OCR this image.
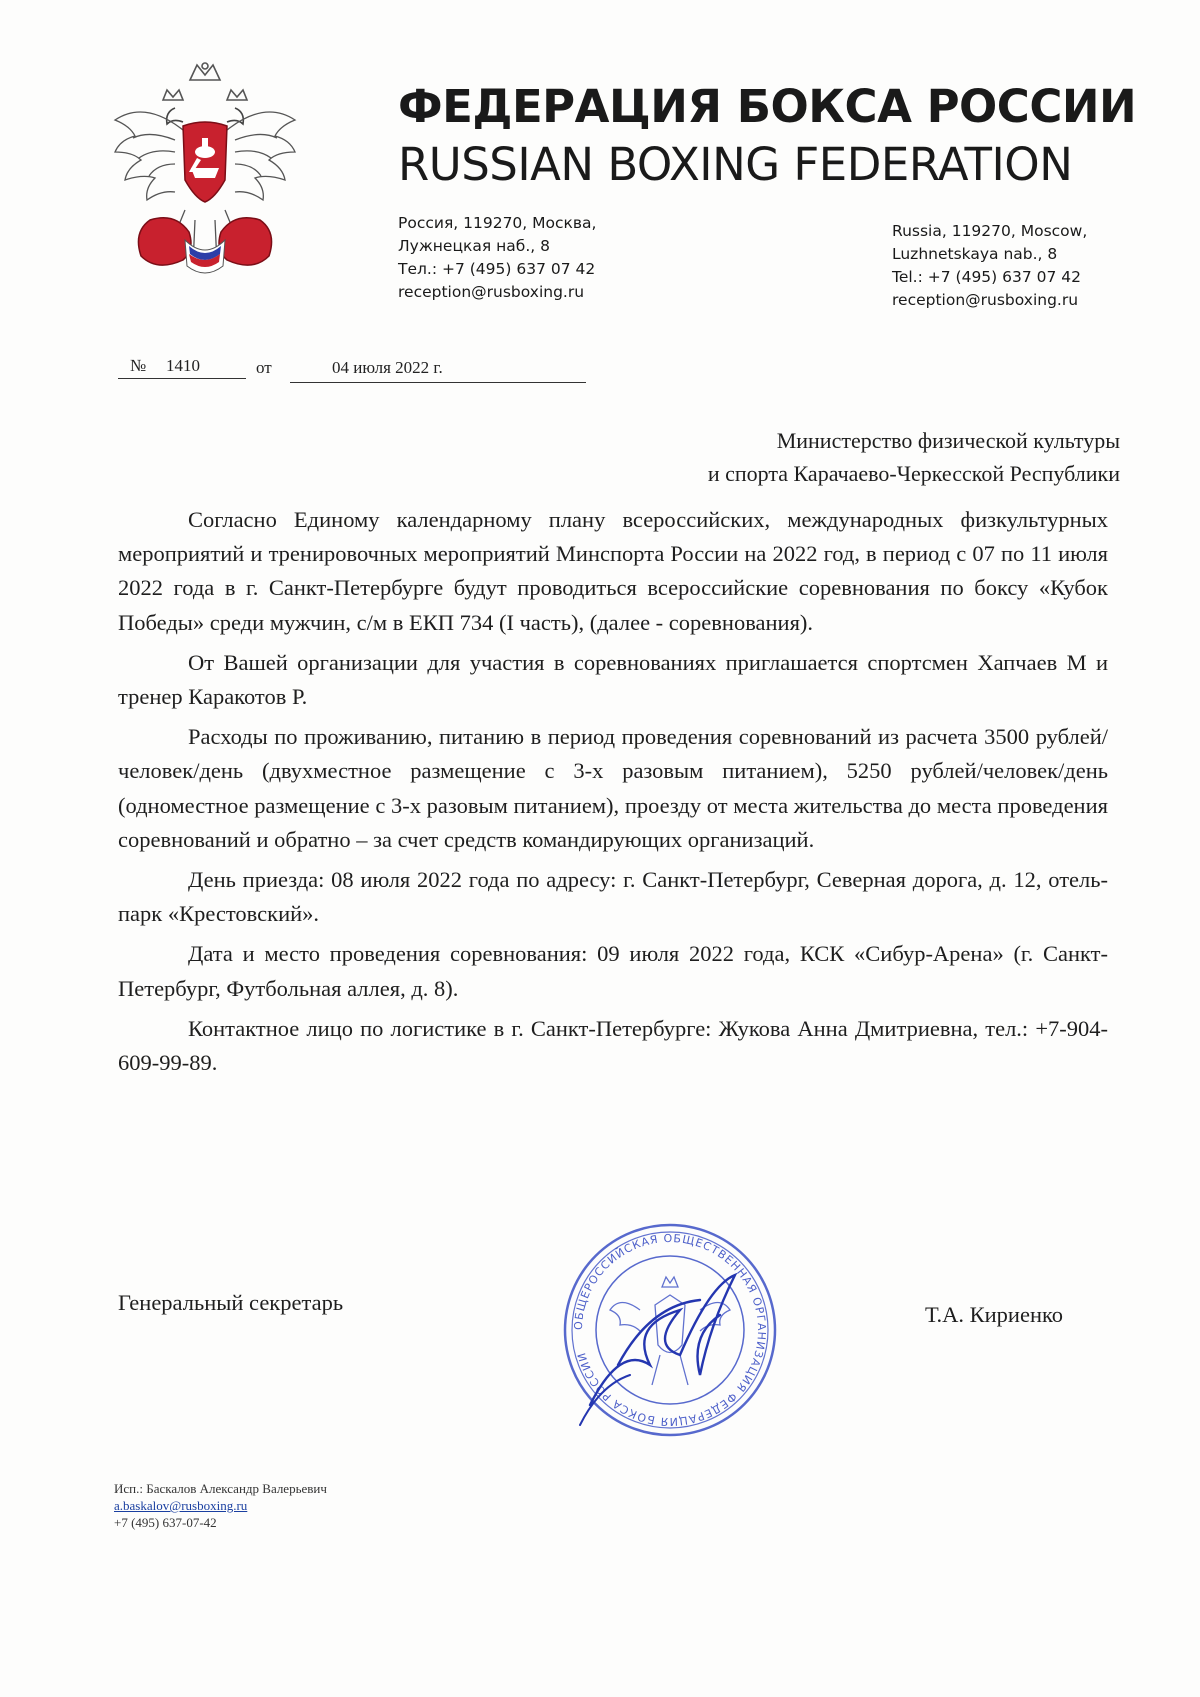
ФЕДЕРАЦИЯ БОКСА РОССИИ
RUSSIAN BOXING FEDERATION
Россия, 119270, Москва,
Лужнецкая наб., 8
Тел.: +7 (495) 637 07 42
reception@rusboxing.ru
Russia, 119270, Moscow,
Luzhnetskaya nab., 8
Tel.: +7 (495) 637 07 42
reception@rusboxing.ru
№ 1410	от	04 июля 2022 г.
Министерство физической культуры
и спорта Карачаево-Черкесской Республики

Согласно Единому календарному плану всероссийских, международных физкультурных мероприятий и тренировочных мероприятий Минспорта России на 2022 год, в период с 07 по 11 июля 2022 года в г. Санкт-Петербурге будут проводиться всероссийские соревнования по боксу «Кубок Победы» среди мужчин, с/м в ЕКП 734 (I часть), (далее - соревнования).

От Вашей организации для участия в соревнованиях приглашается спортсмен Хапчаев М и тренер Каракотов Р.

Расходы по проживанию, питанию в период проведения соревнований из расчета 3500 рублей/человек/день (двухместное размещение с 3-х разовым питанием), 5250 рублей/человек/день (одноместное размещение с 3-х разовым питанием), проезду от места жительства до места проведения соревнований и обратно – за счет средств командирующих организаций.

День приезда: 08 июля 2022 года по адресу: г. Санкт-Петербург, Северная дорога, д. 12, отель-парк «Крестовский».

Дата и место проведения соревнования: 09 июля 2022 года, КСК «Сибур-Арена» (г. Санкт-Петербург, Футбольная аллея, д. 8).

Контактное лицо по логистике в г. Санкт-Петербурге: Жукова Анна Дмитриевна, тел.: +7-904-609-99-89.

Генеральный секретарь	Т.А. Кириенко
ОБЩЕРОССИЙСКАЯ ОБЩЕСТВЕННАЯ ОРГАНИЗАЦИЯ ФЕДЕРАЦИЯ БОКСА РОССИИ
Исп.: Баскалов Александр Валерьевич
a.baskalov@rusboxing.ru
+7 (495) 637-07-42
